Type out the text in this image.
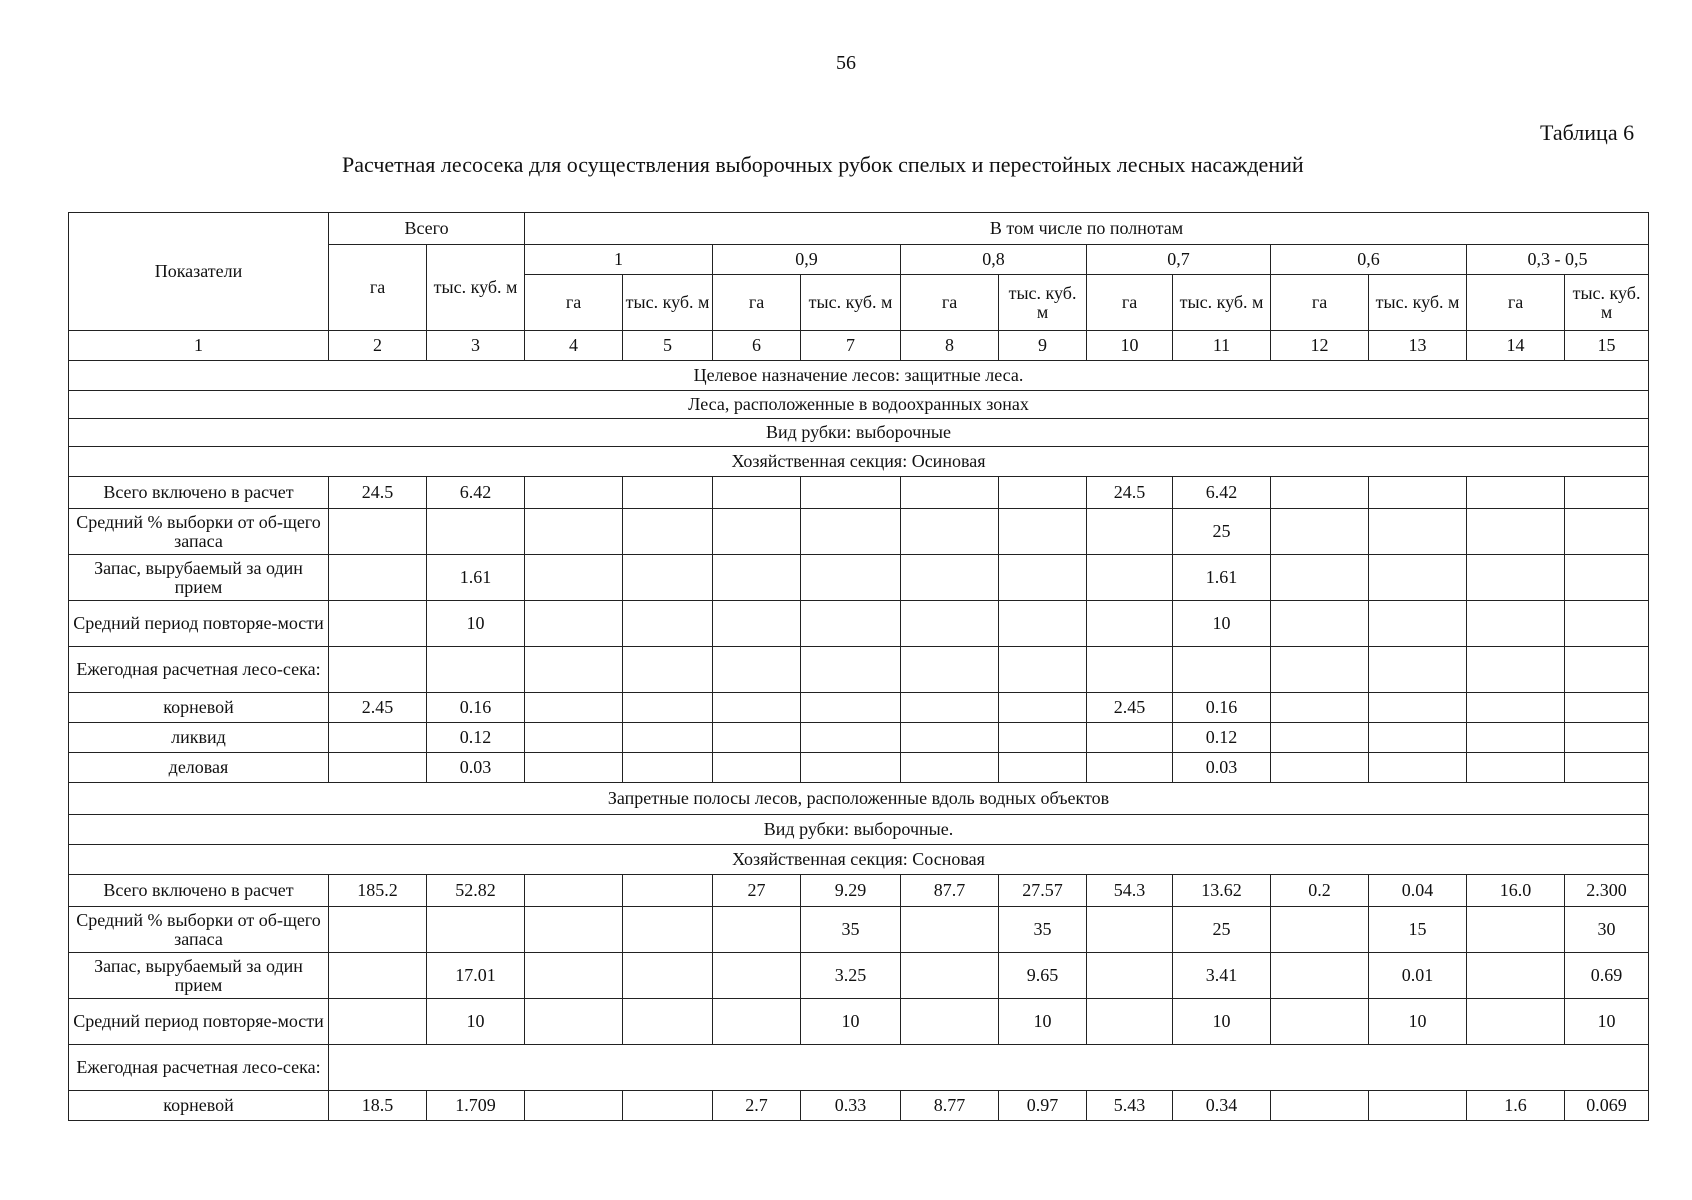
56
Таблица 6
Расчетная лесосека для осуществления выборочных рубок спелых и перестойных лесных насаждений
Показатели	Всего		В том числе по полнотам											
	га	тыс. куб. м	1		0,9		0,8		0,7		0,6		0,3 - 0,5	
			га	тыс. куб. м	га	тыс. куб. м	га	тыс. куб. м	га	тыс. куб. м	га	тыс. куб. м	га	тыс. куб. м
1	2	3	4	5	6	7	8	9	10	11	12	13	14	15
Целевое назначение лесов: защитные леса.														
Леса, расположенные в водоохранных зонах														
Вид рубки: выборочные														
Хозяйственная секция: Осиновая														
Всего включено в расчет	24.5	6.42							24.5	6.42				
Средний % выборки от об-щего запаса										25				
Запас, вырубаемый за один прием		1.61								1.61				
Средний период повторяе-мости		10								10				
Ежегодная расчетная лесо-сека:														
корневой	2.45	0.16							2.45	0.16				
ликвид		0.12								0.12				
деловая		0.03								0.03				
Запретные полосы лесов, расположенные вдоль водных объектов														
Вид рубки: выборочные.														
Хозяйственная секция: Сосновая														
Всего включено в расчет	185.2	52.82			27	9.29	87.7	27.57	54.3	13.62	0.2	0.04	16.0	2.300
Средний % выборки от об-щего запаса						35		35		25		15		30
Запас, вырубаемый за один прием		17.01				3.25		9.65		3.41		0.01		0.69
Средний период повторяе-мости		10				10		10		10		10		10
Ежегодная расчетная лесо-сека:														
корневой	18.5	1.709			2.7	0.33	8.77	0.97	5.43	0.34			1.6	0.069
